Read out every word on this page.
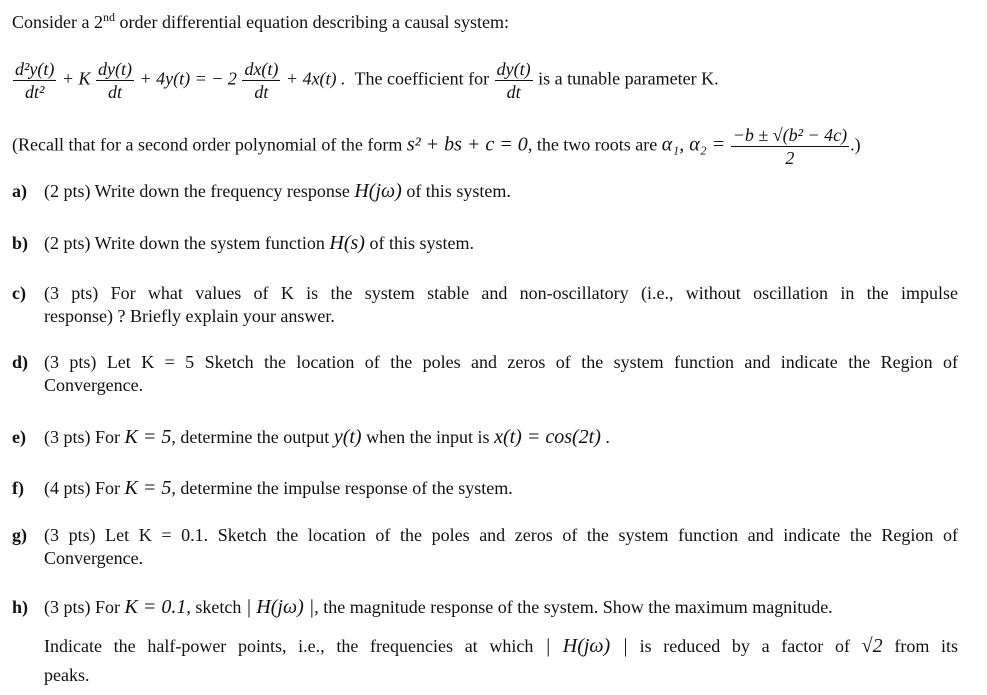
Consider a 2nd order differential equation describing a causal system:
$\frac{\text{d²y(t)}}{\text{dt²}} + K \frac{dy(t)}{dt} + 4y(t)$ = − $2 \frac{dx(t)}{dt} + 4x(t)$ . The coefficient for $\frac{dy(t)}{dt}$ is a tunable parameter K.
(Recall that for a second order polynomial of the form s² + bs + c = 0, the two roots are α₁, $\alpha_2 = \frac{\text{−b ± √(b² − 4c)}}{2}$ .)
a) (2 pts) Write down the frequency response H(jω) of this system.
b) (2 pts) Write down the system function H(s) of this system.
c) (3 pts) For what values of K is the system stable and non-oscillatory (i.e., without oscillation in the impulse
response) ? Briefly explain your answer.
d) (3 pts) Let K = 5 Sketch the location of the poles and zeros of the system function and indicate the Region of
Convergence.
e) (3 pts) For K = 5, determine the output y(t) when the input is x(t) = cos(2t) .
f) (4 pts) For K = 5, determine the impulse response of the system.
g) (3 pts) Let K = 0.1. Sketch the location of the poles and zeros of the system function and indicate the Region of
Convergence.
h) (3 pts) For K = 0.1, sketch | H(jω) |, the magnitude response of the system. Show the maximum magnitude.
Indicate the half-power points, i.e., the frequencies at which | H(jω) | is reduced by a factor of √2 from its
peaks.
